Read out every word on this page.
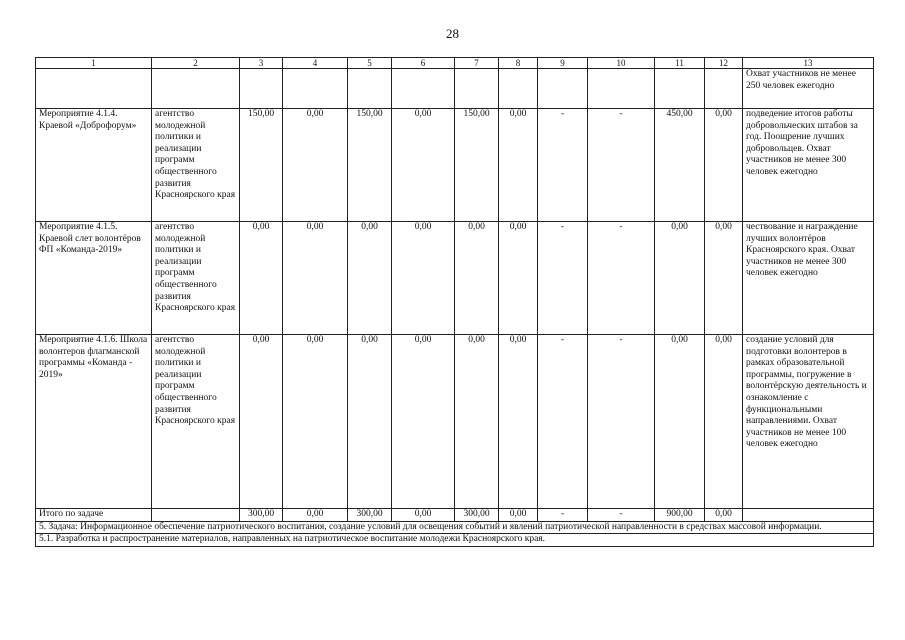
28
1	2	3	4	5	6	7	8	9	10	11	12	13
												Охват участников не менее 250 человек ежегодно
Мероприятие 4.1.4. Краевой «Доброфорум»	агентство молодежной политики и реализации программ общественного развития Красноярского края	150,00	0,00	150,00	0,00	150,00	0,00	-	-	450,00	0,00	подведение итогов работы добровольческих штабов за год. Поощрение лучших добровольцев. Охват участников не менее 300 человек ежегодно
Мероприятие 4.1.5. Краевой слет волонтёров ФП «Команда-2019»	агентство молодежной политики и реализации программ общественного развития Красноярского края	0,00	0,00	0,00	0,00	0,00	0,00	-	-	0,00	0,00	чествование и награждение лучших волонтёров Красноярского края. Охват участников не менее 300 человек ежегодно
Мероприятие 4.1.6. Школа волонтеров флагманской программы «Команда - 2019»	агентство молодежной политики и реализации программ общественного развития Красноярского края	0,00	0,00	0,00	0,00	0,00	0,00	-	-	0,00	0,00	создание условий для подготовки волонтеров в рамках образовательной программы, погружение в волонтёрскую деятельность и ознакомление с функциональными направлениями. Охват участников не менее 100 человек ежегодно
Итого по задаче		300,00	0,00	300,00	0,00	300,00	0,00	-	-	900,00	0,00	
5. Задача: Информационное обеспечение патриотического воспитания, создание условий для освещения событий и явлений патриотической направленности в средствах массовой информации.												
5.1. Разработка и распространение материалов, направленных на патриотическое воспитание молодежи Красноярского края.												
